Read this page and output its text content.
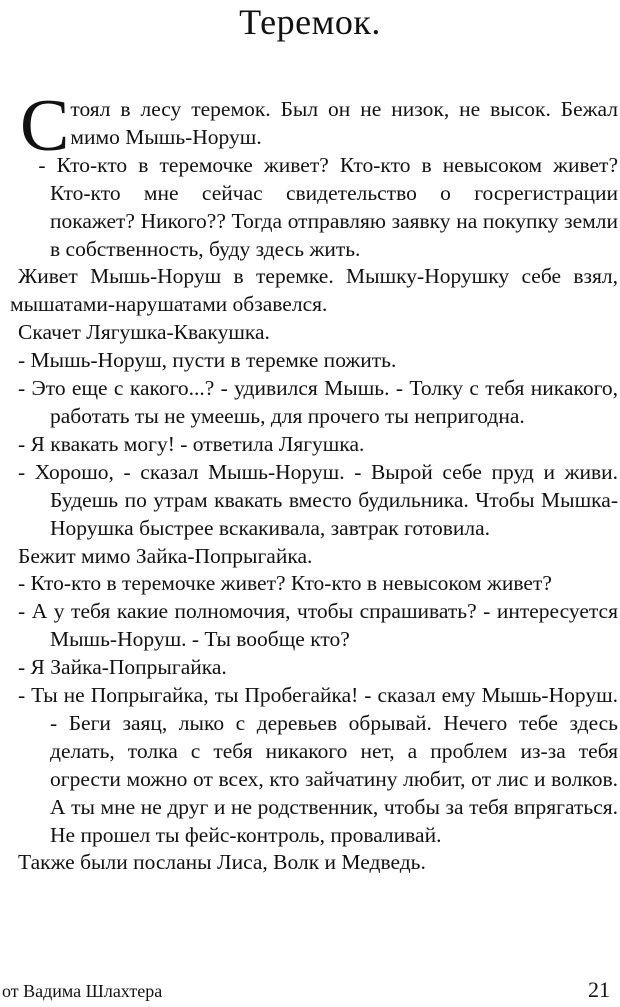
Теремок.

Стоял в лесу теремок. Был он не низок, не высок. Бежал мимо Мышь-Норуш.

- Кто-кто в теремочке живет? Кто-кто в невысоком живет? Кто-кто мне сейчас свидетельство о госрегистрации покажет? Никого?? Тогда отправляю заявку на покупку земли в собственность, буду здесь жить.

Живет Мышь-Норуш в теремке. Мышку-Норушку себе взял, мышатами-нарушатами обзавелся.

Скачет Лягушка-Квакушка.

- Мышь-Норуш, пусти в теремке пожить.

- Это еще с какого...? - удивился Мышь. - Толку с тебя никакого, работать ты не умеешь, для прочего ты непригодна.

- Я квакать могу! - ответила Лягушка.

- Хорошо, - сказал Мышь-Норуш. - Вырой себе пруд и живи. Будешь по утрам квакать вместо будильника. Чтобы Мышка-Норушка быстрее вскакивала, завтрак готовила.

Бежит мимо Зайка-Попрыгайка.

- Кто-кто в теремочке живет? Кто-кто в невысоком живет?

- А у тебя какие полномочия, чтобы спрашивать? - интересуется Мышь-Норуш. - Ты вообще кто?

- Я Зайка-Попрыгайка.

- Ты не Попрыгайка, ты Пробегайка! - сказал ему Мышь-Норуш. - Беги заяц, лыко с деревьев обрывай. Нечего тебе здесь делать, толка с тебя никакого нет, а проблем из-за тебя огрести можно от всех, кто зайчатину любит, от лис и волков. А ты мне не друг и не родственник, чтобы за тебя впрягаться. Не прошел ты фейс-контроль, проваливай.

Также были посланы Лиса, Волк и Медведь.

от Вадима Шлахтера	21
